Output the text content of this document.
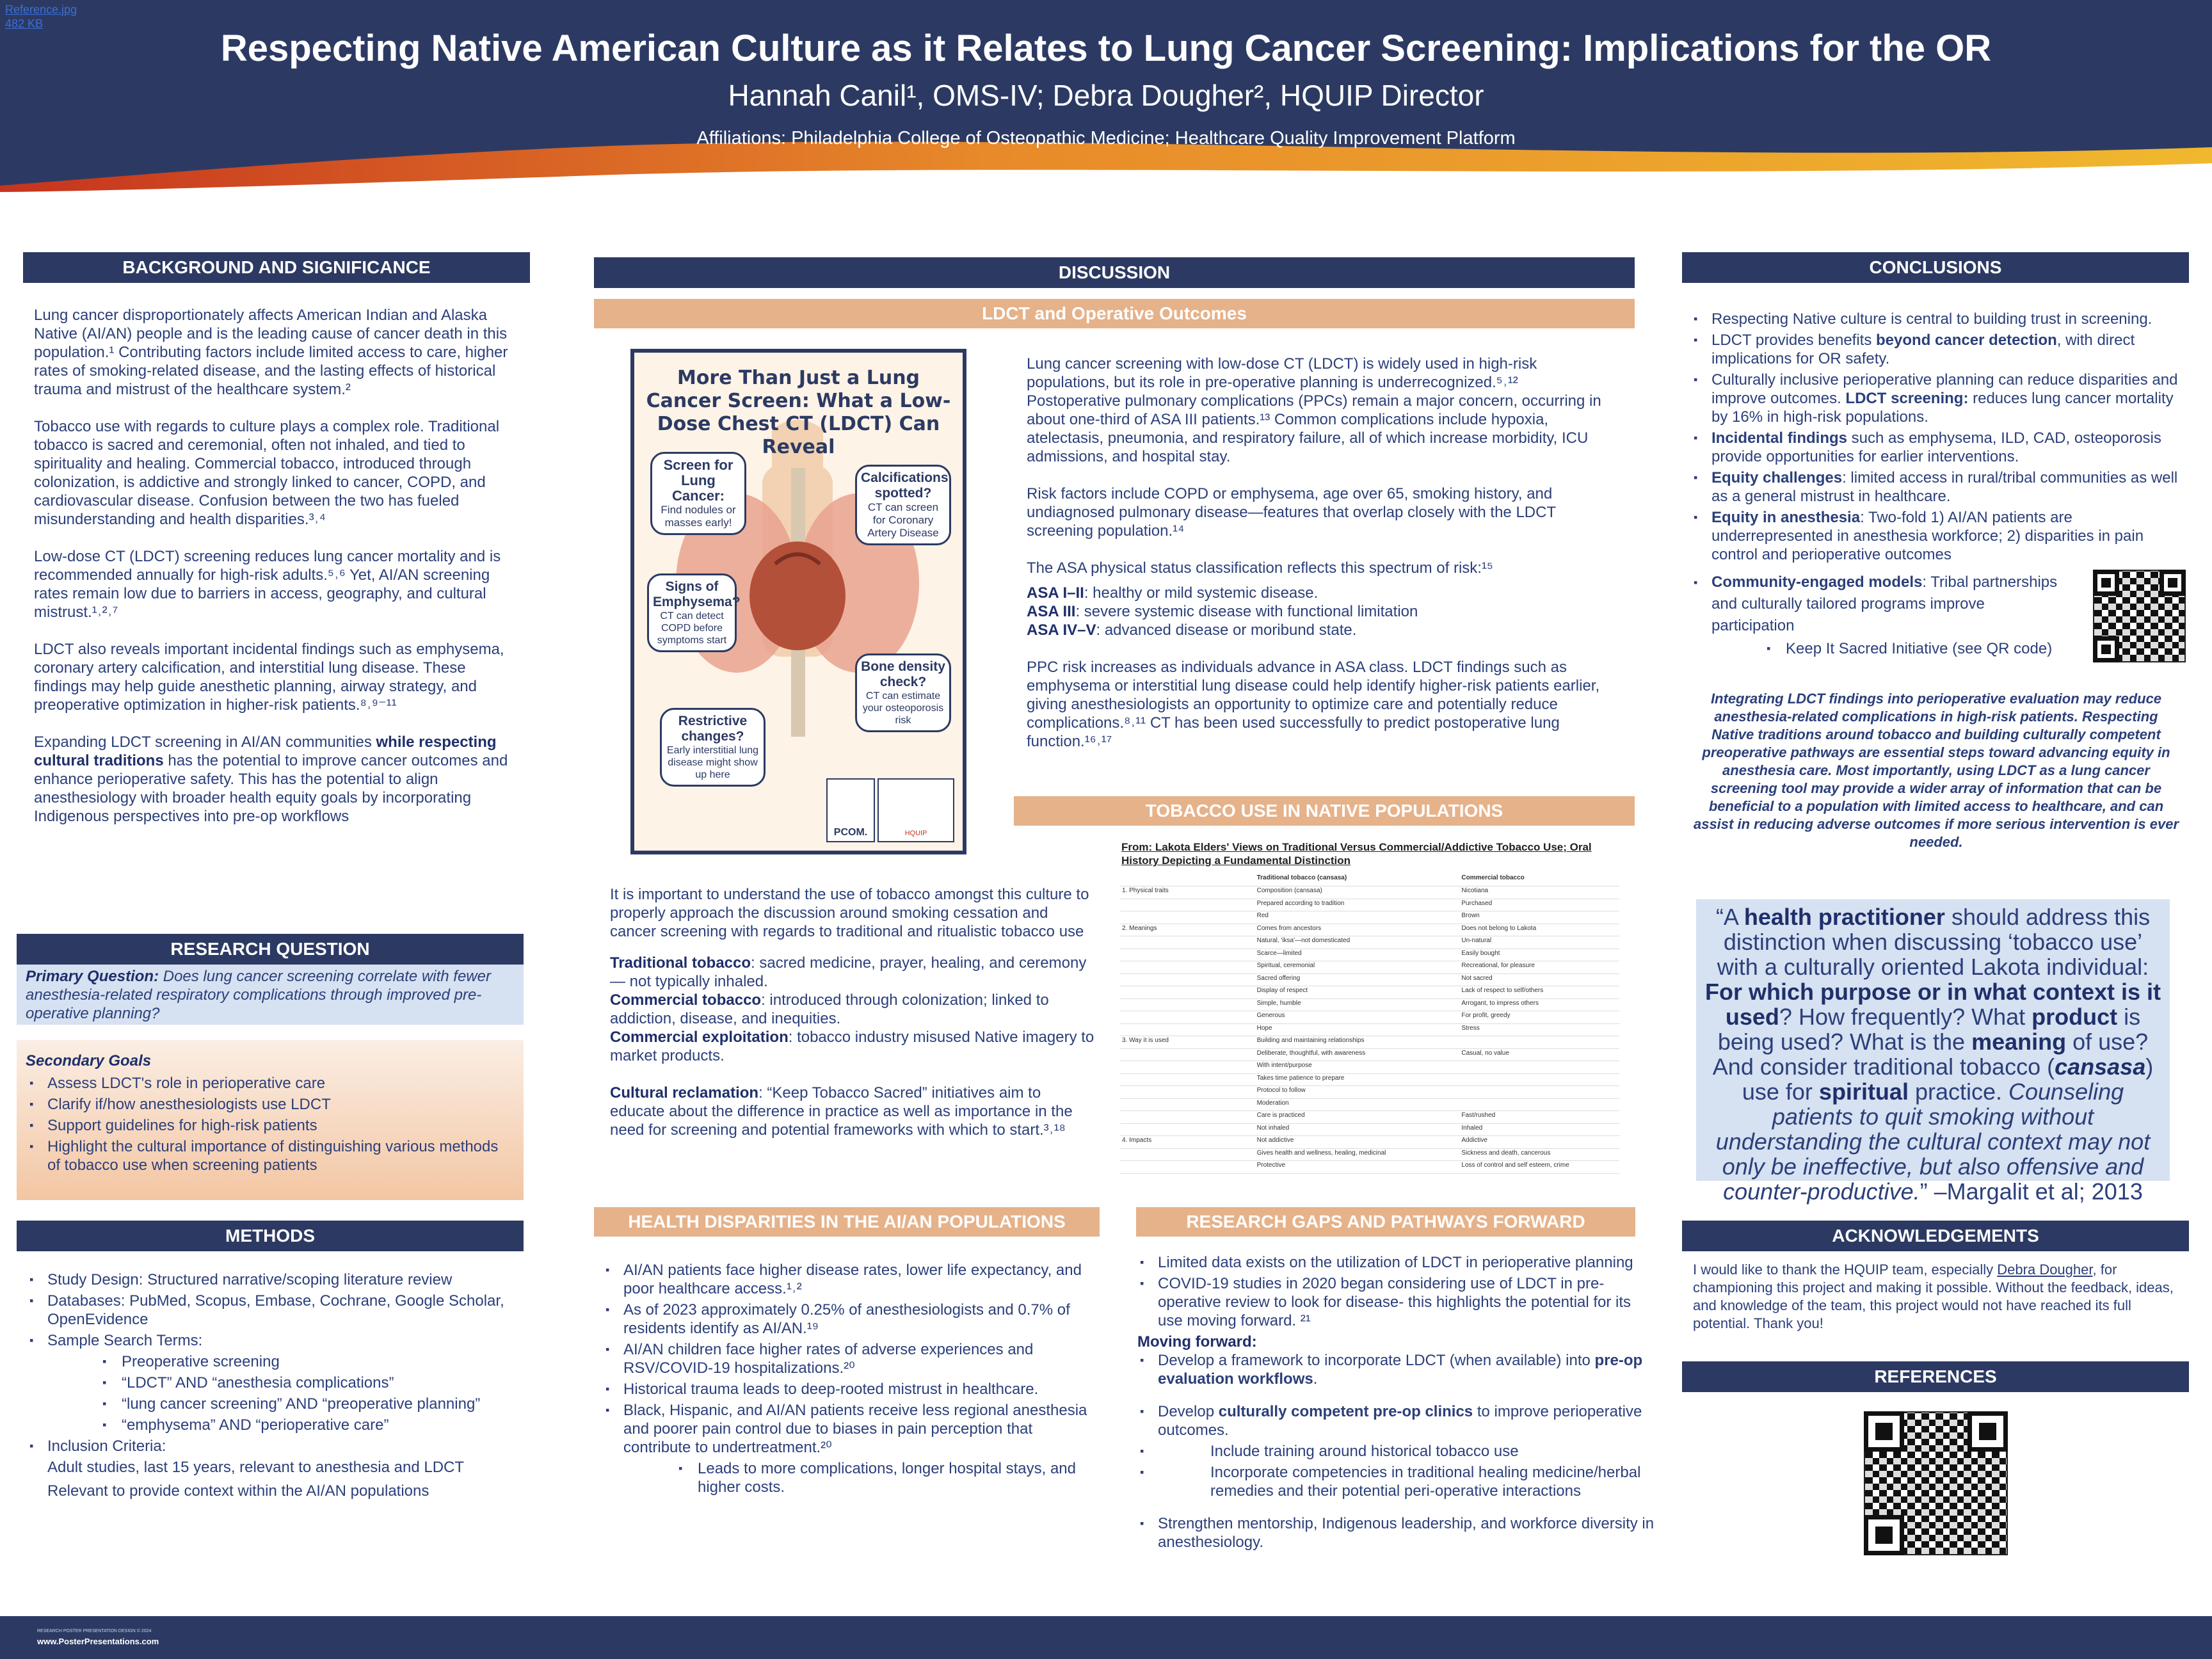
Reference.jpg
482 KB
Respecting Native American Culture as it Relates to Lung Cancer Screening: Implications for the OR
Hannah Canil¹, OMS-IV; Debra Dougher², HQUIP Director
Affiliations: Philadelphia College of Osteopathic Medicine; Healthcare Quality Improvement Platform
BACKGROUND AND SIGNIFICANCE

Lung cancer disproportionately affects American Indian and Alaska Native (AI/AN) people and is the leading cause of cancer death in this population.¹ Contributing factors include limited access to care, higher rates of smoking-related disease, and the lasting effects of historical trauma and mistrust of the healthcare system.²

Tobacco use with regards to culture plays a complex role. Traditional tobacco is sacred and ceremonial, often not inhaled, and tied to spirituality and healing. Commercial tobacco, introduced through colonization, is addictive and strongly linked to cancer, COPD, and cardiovascular disease. Confusion between the two has fueled misunderstanding and health disparities.³˒⁴

Low-dose CT (LDCT) screening reduces lung cancer mortality and is recommended annually for high-risk adults.⁵˒⁶ Yet, AI/AN screening rates remain low due to barriers in access, geography, and cultural mistrust.¹˒²˒⁷

LDCT also reveals important incidental findings such as emphysema, coronary artery calcification, and interstitial lung disease. These findings may help guide anesthetic planning, airway strategy, and preoperative optimization in higher-risk patients.⁸˒⁹⁻¹¹

Expanding LDCT screening in AI/AN communities while respecting cultural traditions has the potential to improve cancer outcomes and enhance perioperative safety. This has the potential to align anesthesiology with broader health equity goals by incorporating Indigenous perspectives into pre-op workflows

RESEARCH QUESTION
Primary Question: Does lung cancer screening correlate with fewer anesthesia-related respiratory complications through improved pre-operative planning?
Secondary Goals
▪ Assess LDCT's role in perioperative care
▪ Clarify if/how anesthesiologists use LDCT
▪ Support guidelines for high-risk patients
▪ Highlight the cultural importance of distinguishing various methods of tobacco use when screening patients
METHODS
▪ Study Design: Structured narrative/scoping literature review
▪ Databases: PubMed, Scopus, Embase, Cochrane, Google Scholar, OpenEvidence
▪ Sample Search Terms:
▪ Preoperative screening
▪ “LDCT” AND “anesthesia complications”
▪ “lung cancer screening” AND “preoperative planning”
▪ “emphysema” AND “perioperative care”
▪ Inclusion Criteria:
Adult studies, last 15 years, relevant to anesthesia and LDCT
Relevant to provide context within the AI/AN populations
DISCUSSION
LDCT and Operative Outcomes
More Than Just a Lung Cancer Screen: What a Low-Dose Chest CT (LDCT) Can Reveal
Screen for Lung Cancer:
Find nodules or masses early!
Calcifications spotted?
CT can screen for Coronary Artery Disease
Signs of Emphysema?
CT can detect COPD before symptoms start
Bone density check?
CT can estimate your osteoporosis risk
Restrictive changes?
Early interstitial lung disease might show up here
PCOM.	HQUIP

Lung cancer screening with low-dose CT (LDCT) is widely used in high-risk populations, but its role in pre-operative planning is underrecognized.⁵˒¹² Postoperative pulmonary complications (PPCs) remain a major concern, occurring in about one-third of ASA III patients.¹³ Common complications include hypoxia, atelectasis, pneumonia, and respiratory failure, all of which increase morbidity, ICU admissions, and hospital stay.

Risk factors include COPD or emphysema, age over 65, smoking history, and undiagnosed pulmonary disease—features that overlap closely with the LDCT screening population.¹⁴

The ASA physical status classification reflects this spectrum of risk:¹⁵
ASA I–II: healthy or mild systemic disease.
ASA III: severe systemic disease with functional limitation
ASA IV–V: advanced disease or moribund state.

PPC risk increases as individuals advance in ASA class. LDCT findings such as emphysema or interstitial lung disease could help identify higher-risk patients earlier, giving anesthesiologists an opportunity to optimize care and potentially reduce complications.⁸˒¹¹ CT has been used successfully to predict postoperative lung function.¹⁶˒¹⁷

TOBACCO USE IN NATIVE POPULATIONS
From: Lakota Elders' Views on Traditional Versus Commercial/Addictive Tobacco Use; Oral History Depicting a Fundamental Distinction
	Traditional tobacco (cansasa)	Commercial tobacco
1. Physical traits	Composition (cansasa)	Nicotiana
	Prepared according to tradition	Purchased
	Red	Brown
2. Meanings	Comes from ancestors	Does not belong to Lakota
	Natural, 'iksa'—not domesticated	Un-natural
	Scarce—limited	Easily bought
	Spiritual, ceremonial	Recreational, for pleasure
	Sacred offering	Not sacred
	Display of respect	Lack of respect to self/others
	Simple, humble	Arrogant, to impress others
	Generous	For profit, greedy
	Hope	Stress
3. Way it is used	Building and maintaining relationships	
	Deliberate, thoughtful, with awareness	Casual, no value
	With intent/purpose	
	Takes time patience to prepare	
	Protocol to follow	
	Moderation	
	Care is practiced	Fast/rushed
	Not inhaled	Inhaled
4. Impacts	Not addictive	Addictive
	Gives health and wellness, healing, medicinal	Sickness and death, cancerous
	Protective	Loss of control and self esteem, crime

It is important to understand the use of tobacco amongst this culture to properly approach the discussion around smoking cessation and cancer screening with regards to traditional and ritualistic tobacco use

Traditional tobacco: sacred medicine, prayer, healing, and ceremony — not typically inhaled.
Commercial tobacco: introduced through colonization; linked to addiction, disease, and inequities.
Commercial exploitation: tobacco industry misused Native imagery to market products.
Cultural reclamation: “Keep Tobacco Sacred” initiatives aim to educate about the difference in practice as well as importance in the need for screening and potential frameworks with which to start.³˒¹⁸
HEALTH DISPARITIES IN THE AI/AN POPULATIONS
▪ AI/AN patients face higher disease rates, lower life expectancy, and poor healthcare access.¹˒²
▪ As of 2023 approximately 0.25% of anesthesiologists and 0.7% of residents identify as AI/AN.¹⁹
▪ AI/AN children face higher rates of adverse experiences and RSV/COVID-19 hospitalizations.²⁰
▪ Historical trauma leads to deep-rooted mistrust in healthcare.
▪ Black, Hispanic, and AI/AN patients receive less regional anesthesia and poorer pain control due to biases in pain perception that contribute to undertreatment.²⁰
▪ Leads to more complications, longer hospital stays, and higher costs.
RESEARCH GAPS AND PATHWAYS FORWARD
▪ Limited data exists on the utilization of LDCT in perioperative planning
▪ COVID-19 studies in 2020 began considering use of LDCT in pre-operative review to look for disease- this highlights the potential for its use moving forward. ²¹
Moving forward:
▪ Develop a framework to incorporate LDCT (when available) into pre-op evaluation workflows.
▪ Develop culturally competent pre-op clinics to improve perioperative outcomes.
▪ Include training around historical tobacco use
▪ Incorporate competencies in traditional healing medicine/herbal remedies and their potential peri-operative interactions
▪ Strengthen mentorship, Indigenous leadership, and workforce diversity in anesthesiology.
CONCLUSIONS
▪ Respecting Native culture is central to building trust in screening.
▪ LDCT provides benefits beyond cancer detection, with direct implications for OR safety.
▪ Culturally inclusive perioperative planning can reduce disparities and improve outcomes. LDCT screening: reduces lung cancer mortality by 16% in high-risk populations.
▪ Incidental findings such as emphysema, ILD, CAD, osteoporosis provide opportunities for earlier interventions.
▪ Equity challenges: limited access in rural/tribal communities as well as a general mistrust in healthcare.
▪ Equity in anesthesia: Two-fold 1) AI/AN patients are underrepresented in anesthesia workforce; 2) disparities in pain control and perioperative outcomes
▪ Community-engaged models: Tribal partnerships and culturally tailored programs improve participation
▪ Keep It Sacred Initiative (see QR code)
Integrating LDCT findings into perioperative evaluation may reduce anesthesia-related complications in high-risk patients. Respecting Native traditions around tobacco and building culturally competent preoperative pathways are essential steps toward advancing equity in anesthesia care. Most importantly, using LDCT as a lung cancer screening tool may provide a wider array of information that can be beneficial to a population with limited access to healthcare, and can assist in reducing adverse outcomes if more serious intervention is ever needed.
“A health practitioner should address this distinction when discussing ‘tobacco use’ with a culturally oriented Lakota individual: For which purpose or in what context is it used? How frequently? What product is being used? What is the meaning of use? And consider traditional tobacco (cansasa) use for spiritual practice. Counseling patients to quit smoking without understanding the cultural context may not only be ineffective, but also offensive and counter-productive.” –Margalit et al; 2013
ACKNOWLEDGEMENTS
I would like to thank the HQUIP team, especially Debra Dougher, for championing this project and making it possible. Without the feedback, ideas, and knowledge of the team, this project would not have reached its full potential. Thank you!
REFERENCES
RESEARCH POSTER PRESENTATION DESIGN © 2024
www.PosterPresentations.com
